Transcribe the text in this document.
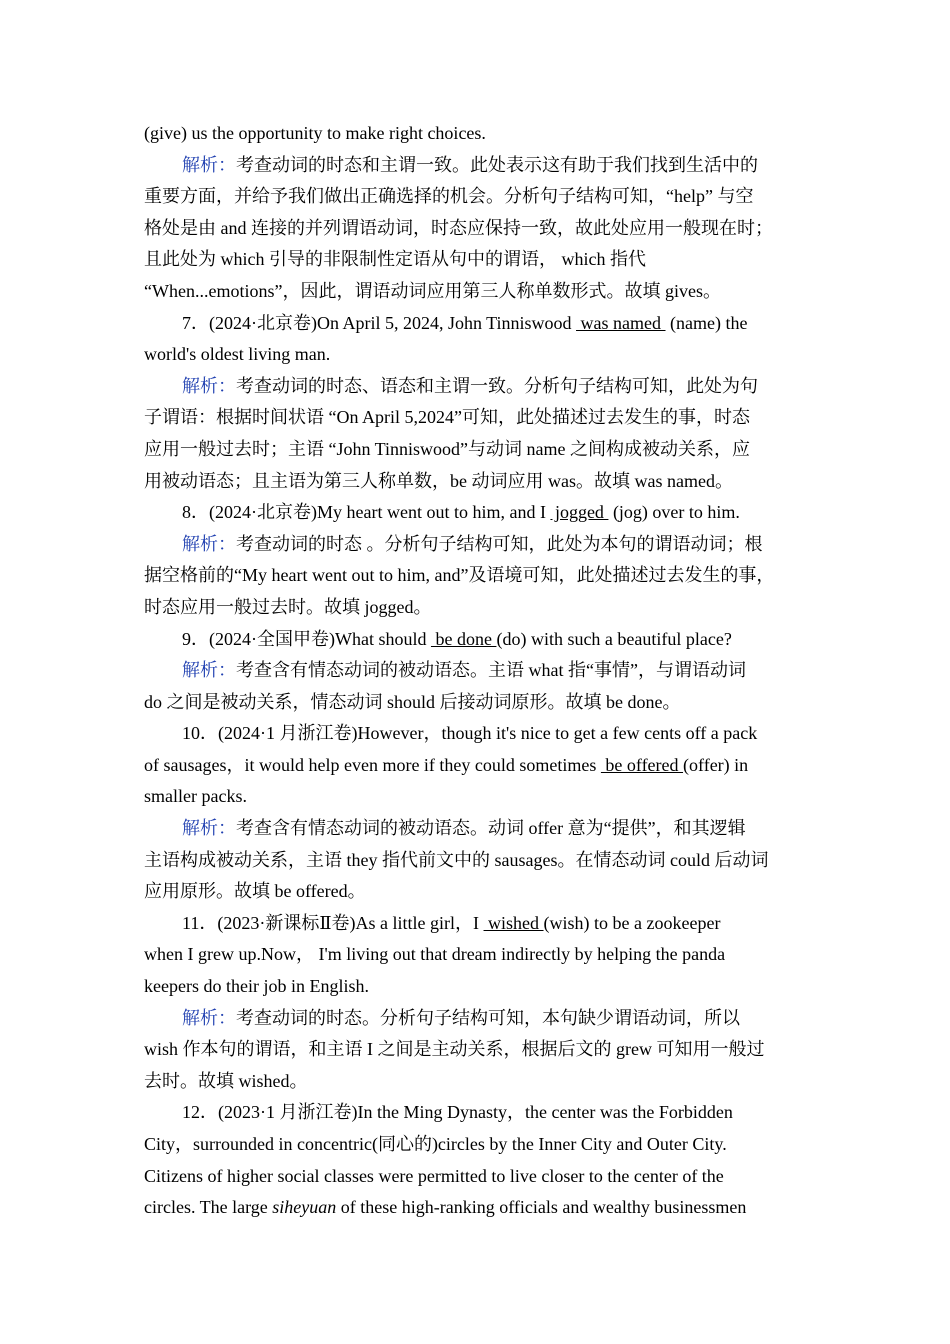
(give) us the opportunity to make right choices.
解析：考查动词的时态和主谓一致。此处表示这有助于我们找到生活中的
重要方面，并给予我们做出正确选择的机会。分析句子结构可知，“help” 与空
格处是由 and 连接的并列谓语动词，时态应保持一致，故此处应用一般现在时；
且此处为 which 引导的非限制性定语从句中的谓语， which 指代
“When...emotions”，因此，谓语动词应用第三人称单数形式。故填 gives。
7．(2024·北京卷)On April 5, 2024, John Tinniswood  was named  (name) the
world's oldest living man.
解析：考查动词的时态、语态和主谓一致。分析句子结构可知，此处为句
子谓语：根据时间状语 “On April 5,2024”可知，此处描述过去发生的事，时态
应用一般过去时；主语 “John Tinniswood”与动词 name 之间构成被动关系，应
用被动语态；且主语为第三人称单数，be 动词应用 was。故填 was named。
8．(2024·北京卷)My heart went out to him, and I  jogged  (jog) over to him.
解析：考查动词的时态 。分析句子结构可知，此处为本句的谓语动词；根
据空格前的“My heart went out to him, and”及语境可知，此处描述过去发生的事，
时态应用一般过去时。故填 jogged。
9．(2024·全国甲卷)What should  be done (do) with such a beautiful place?
解析：考查含有情态动词的被动语态。主语 what 指“事情”，与谓语动词
do 之间是被动关系，情态动词 should 后接动词原形。故填 be done。
10．(2024·1 月浙江卷)However，though it's nice to get a few cents off a pack
of sausages，it would help even more if they could sometimes  be offered (offer) in
smaller packs.
解析：考查含有情态动词的被动语态。动词 offer 意为“提供”，和其逻辑
主语构成被动关系，主语 they 指代前文中的 sausages。在情态动词 could 后动词
应用原形。故填 be offered。
11．(2023·新课标Ⅱ卷)As a little girl，I  wished (wish) to be a zookeeper
when I grew up.Now， I'm living out that dream indirectly by helping the panda
keepers do their job in English.
解析：考查动词的时态。分析句子结构可知，本句缺少谓语动词，所以
wish 作本句的谓语，和主语 I 之间是主动关系，根据后文的 grew 可知用一般过
去时。故填 wished。
12．(2023·1 月浙江卷)In the Ming Dynasty，the center was the Forbidden
City，surrounded in concentric(同心的)circles by the Inner City and Outer City.
Citizens of higher social classes were permitted to live closer to the center of the
circles. The large siheyuan of these high-ranking officials and wealthy businessmen
